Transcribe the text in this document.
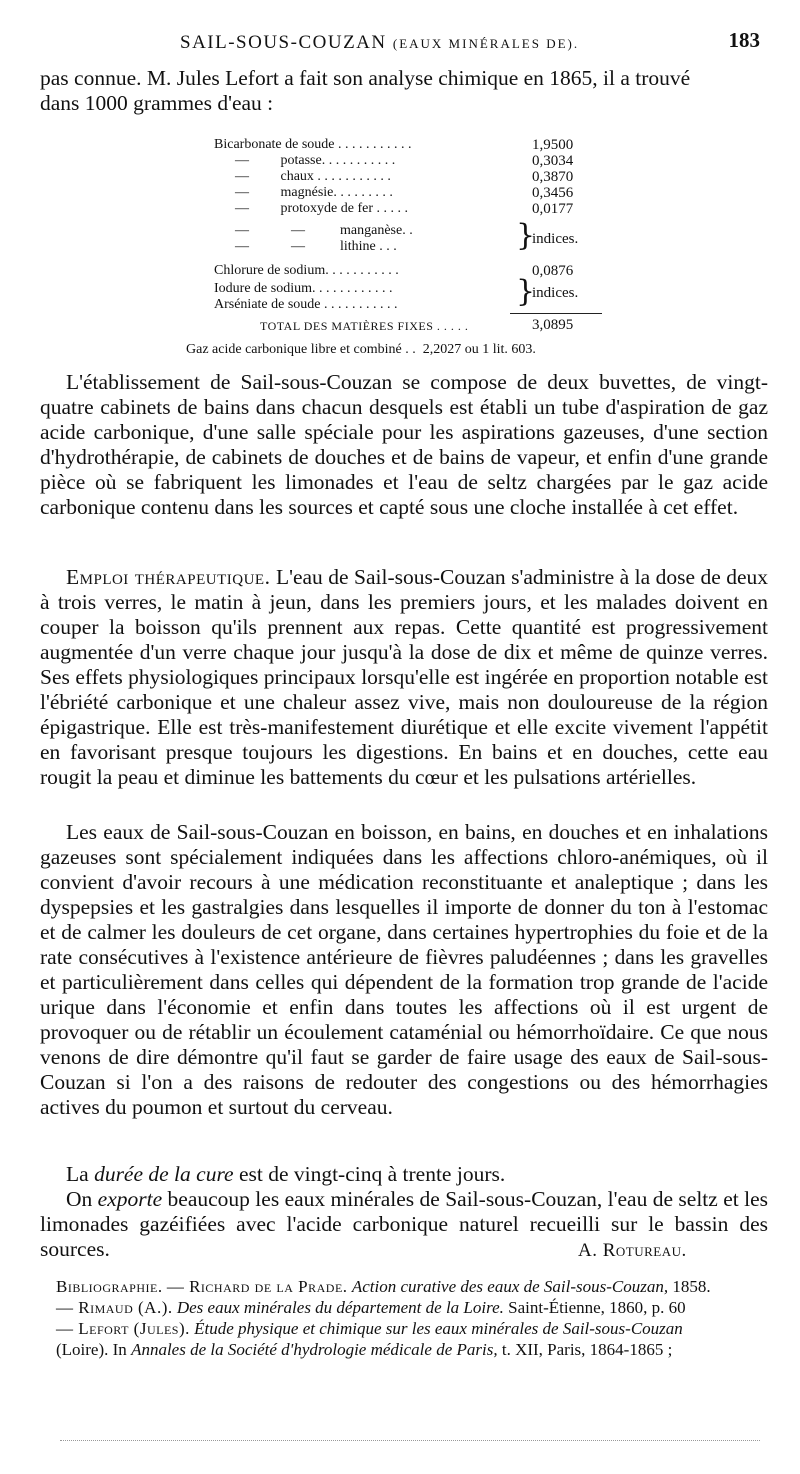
SAIL-SOUS-COUZAN (EAUX MINÉRALES DE).	183

pas connue. M. Jules Lefort a fait son analyse chimique en 1865, il a trouvé
dans 1000 grammes d'eau :

Bicarbonate de soude . . . . . . . . . . .	1,9500
—         potasse. . . . . . . . . . .	0,3034
—         chaux . . . . . . . . . . .	0,3870
—         magnésie. . . . . . . . .	0,3456
—         protoxyde de fer . . . . .	0,0177
—            —          manganèse. .
—            —          lithine . . .	}
indices.
Chlorure de sodium. . . . . . . . . . .	0,0876
Iodure de sodium. . . . . . . . . . . .
Arséniate de soude . . . . . . . . . . .	}
indices.
TOTAL DES MATIÈRES FIXES . . . . .	3,0895
Gaz acide carbonique libre et combiné . .  2,2027 ou 1 lit. 603.

L'établissement de Sail-sous-Couzan se compose de deux buvettes, de vingt-quatre cabinets de bains dans chacun desquels est établi un tube d'aspiration de gaz acide carbonique, d'une salle spéciale pour les aspirations gazeuses, d'une section d'hydrothérapie, de cabinets de douches et de bains de vapeur, et enfin d'une grande pièce où se fabriquent les limonades et l'eau de seltz chargées par le gaz acide carbonique contenu dans les sources et capté sous une cloche installée à cet effet.

Emploi thérapeutique. L'eau de Sail-sous-Couzan s'administre à la dose de deux à trois verres, le matin à jeun, dans les premiers jours, et les malades doivent en couper la boisson qu'ils prennent aux repas. Cette quantité est progressivement augmentée d'un verre chaque jour jusqu'à la dose de dix et même de quinze verres. Ses effets physiologiques principaux lorsqu'elle est ingérée en proportion notable est l'ébriété carbonique et une chaleur assez vive, mais non douloureuse de la région épigastrique. Elle est très-manifestement diurétique et elle excite vivement l'appétit en favorisant presque toujours les digestions. En bains et en douches, cette eau rougit la peau et diminue les battements du cœur et les pulsations artérielles.

Les eaux de Sail-sous-Couzan en boisson, en bains, en douches et en inhalations gazeuses sont spécialement indiquées dans les affections chloro-anémiques, où il convient d'avoir recours à une médication reconstituante et analeptique ; dans les dyspepsies et les gastralgies dans lesquelles il importe de donner du ton à l'estomac et de calmer les douleurs de cet organe, dans certaines hypertrophies du foie et de la rate consécutives à l'existence antérieure de fièvres paludéennes ; dans les gravelles et particulièrement dans celles qui dépendent de la formation trop grande de l'acide urique dans l'économie et enfin dans toutes les affections où il est urgent de provoquer ou de rétablir un écoulement cataménial ou hémorrhoïdaire. Ce que nous venons de dire démontre qu'il faut se garder de faire usage des eaux de Sail-sous-Couzan si l'on a des raisons de redouter des congestions ou des hémorrhagies actives du poumon et surtout du cerveau.

La durée de la cure est de vingt-cinq à trente jours.

On exporte beaucoup les eaux minérales de Sail-sous-Couzan, l'eau de seltz et les limonades gazéifiées avec l'acide carbonique naturel recueilli sur le bassin des sources.	A. Rotureau.
Bibliographie. — Richard de la Prade. Action curative des eaux de Sail-sous-Couzan, 1858.
— Rimaud (A.). Des eaux minérales du département de la Loire. Saint-Étienne, 1860, p. 60
— Lefort (Jules). Étude physique et chimique sur les eaux minérales de Sail-sous-Couzan
(Loire). In Annales de la Société d'hydrologie médicale de Paris, t. XII, Paris, 1864-1865 ;
